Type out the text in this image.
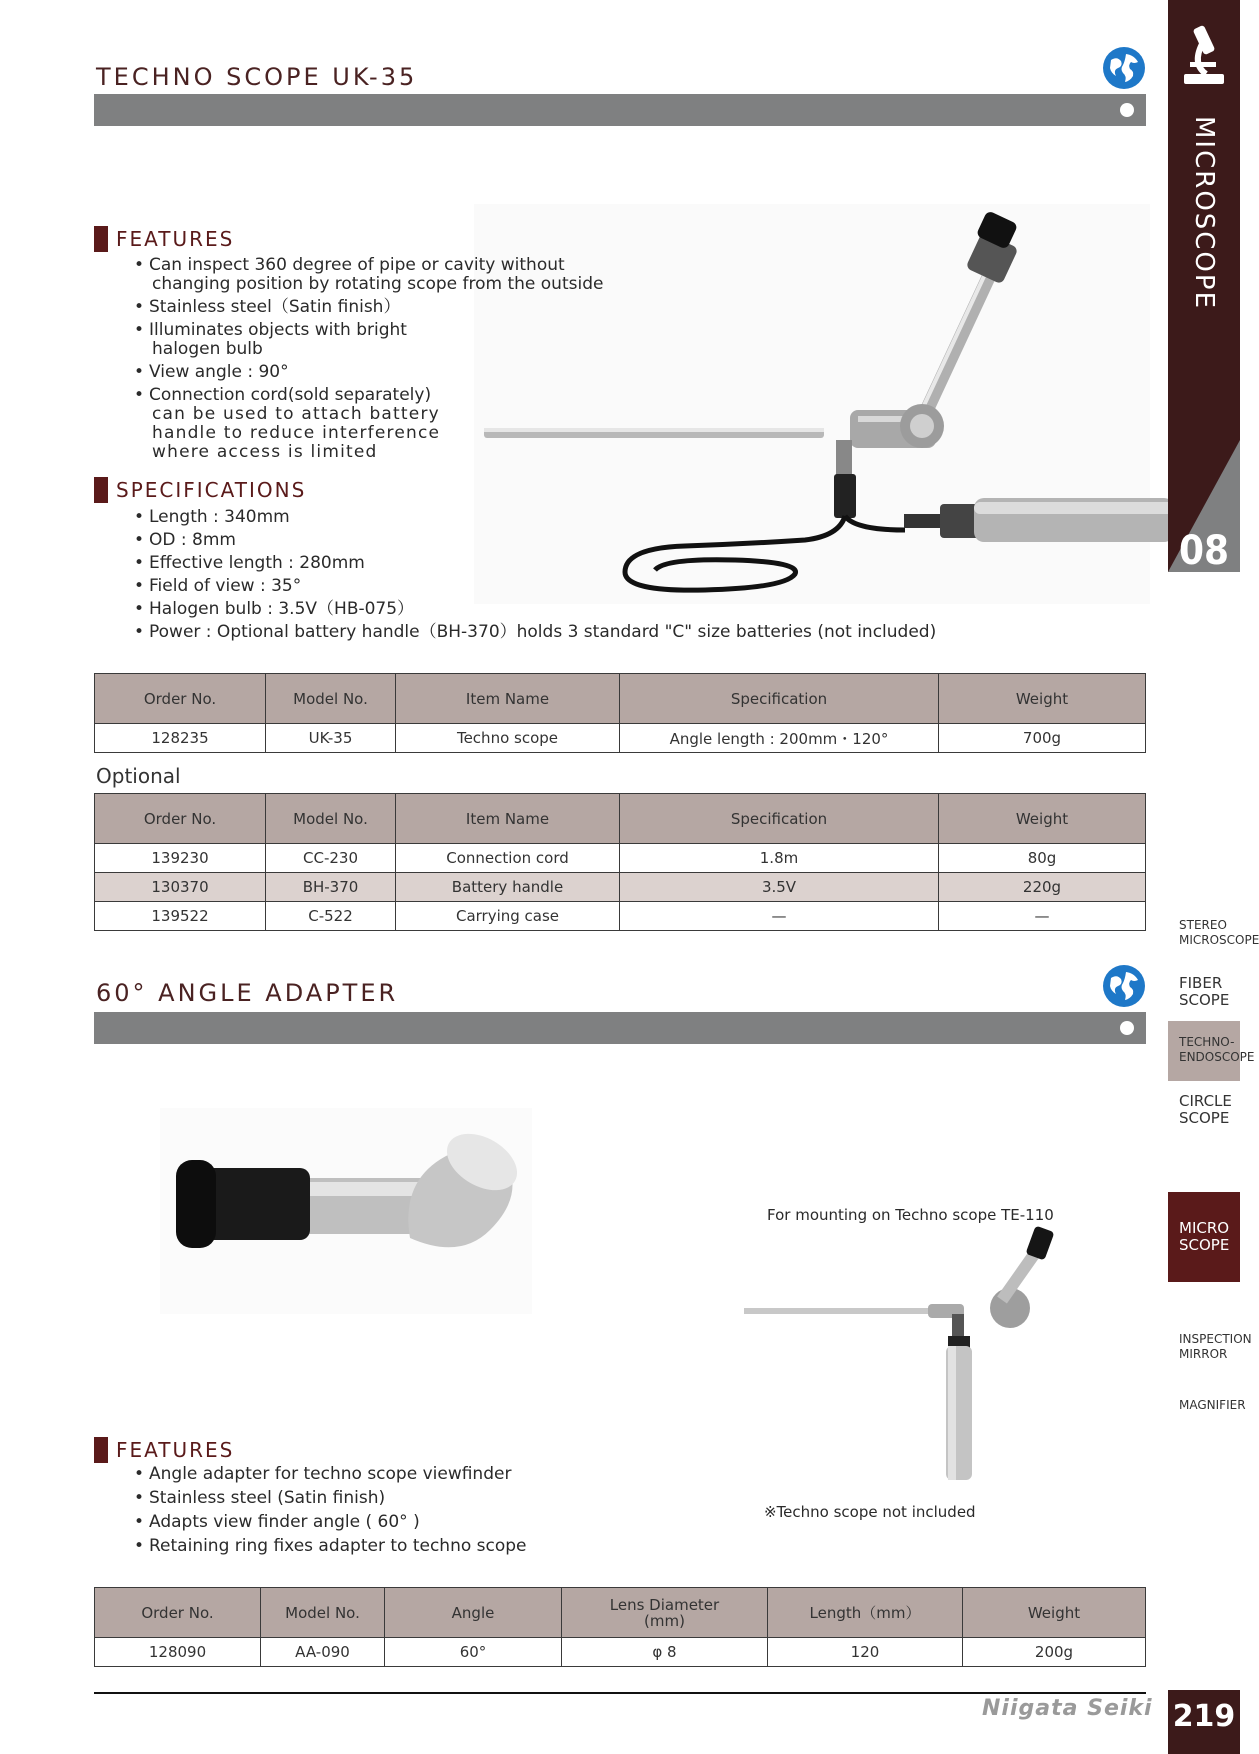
TECHNO SCOPE UK-35
FEATURES
• Can inspect 360 degree of pipe or cavity without
changing position by rotating scope from the outside
• Stainless steel（Satin finish）
• Illuminates objects with bright
halogen bulb
• View angle : 90°
• Connection cord(sold separately)
can be used to attach battery
handle to reduce interference
where access is limited
SPECIFICATIONS
• Length : 340mm
• OD : 8mm
• Effective length : 280mm
• Field of view : 35°
• Halogen bulb : 3.5V（HB-075）
• Power : Optional battery handle（BH-370）holds 3 standard "C" size batteries (not included)
Order No.	Model No.	Item Name	Specification	Weight
128235	UK-35	Techno scope	Angle length : 200mm・120°	700g
Optional
Order No.	Model No.	Item Name	Specification	Weight
139230	CC-230	Connection cord	1.8m	80g
130370	BH-370	Battery handle	3.5V	220g
139522	C-522	Carrying case	—	—
60° ANGLE ADAPTER
For mounting on Techno scope TE-110
※Techno scope not included
FEATURES
• Angle adapter for techno scope viewfinder
• Stainless steel (Satin finish)
• Adapts view finder angle ( 60° )
• Retaining ring fixes adapter to techno scope
Order No.	Model No.	Angle	Lens Diameter
(mm)	Length（mm）	Weight
128090	AA-090	60°	φ 8	120	200g
MICROSCOPE
08
STEREO MICROSCOPE
FIBER SCOPE
TECHNO- ENDOSCOPE
CIRCLE SCOPE
MICRO SCOPE
INSPECTION MIRROR
MAGNIFIER
Niigata Seiki 219
